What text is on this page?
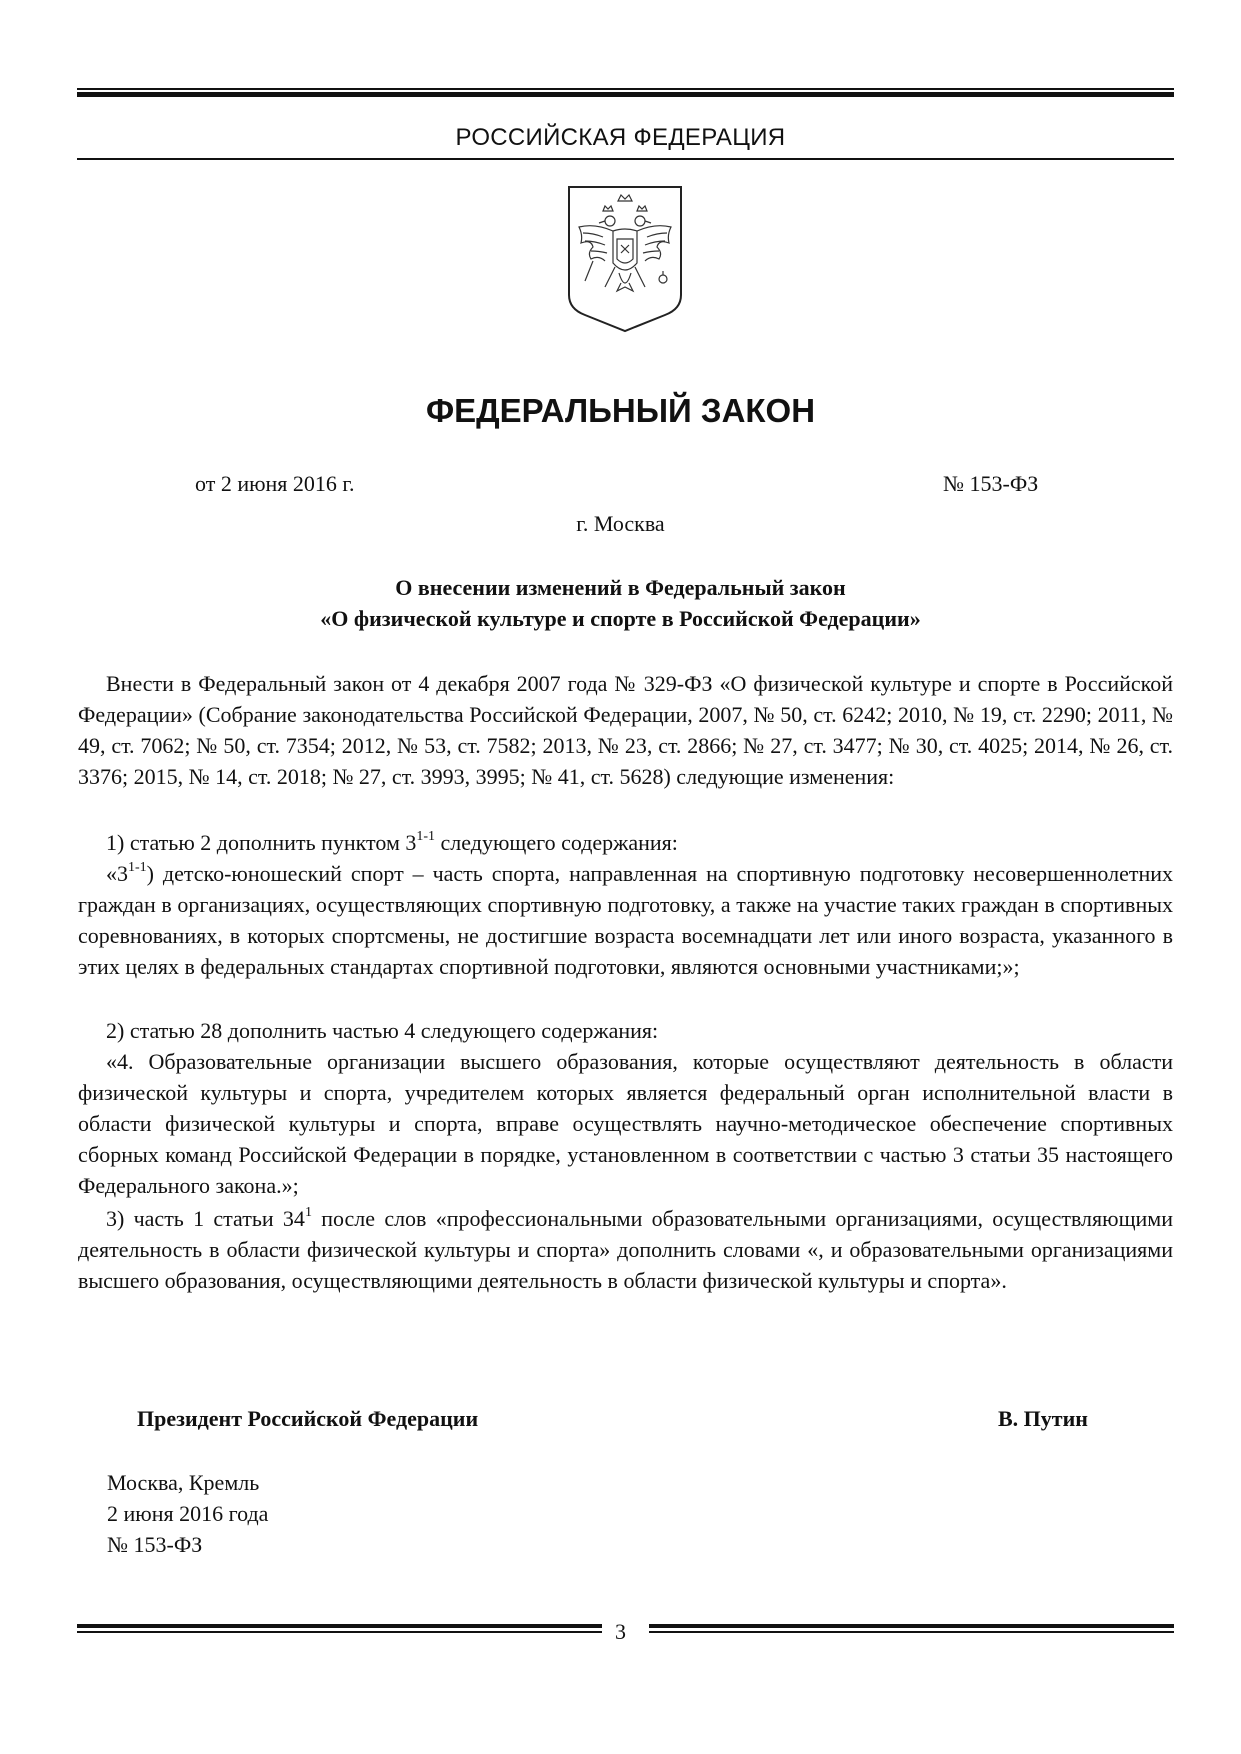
РОССИЙСКАЯ ФЕДЕРАЦИЯ
ФЕДЕРАЛЬНЫЙ ЗАКОН
от 2 июня 2016 г.	№ 153-ФЗ
г. Москва
О внесении изменений в Федеральный закон
«О физической культуре и спорте в Российской Федерации»

Внести в Федеральный закон от 4 декабря 2007 года № 329-ФЗ «О физической культуре и спорте в Российской Федерации» (Собрание законодательства Российской Федерации, 2007, № 50, ст. 6242; 2010, № 19, ст. 2290; 2011, № 49, ст. 7062; № 50, ст. 7354; 2012, № 53, ст. 7582; 2013, № 23, ст. 2866; № 27, ст. 3477; № 30, ст. 4025; 2014, № 26, ст. 3376; 2015, № 14, ст. 2018; № 27, ст. 3993, 3995; № 41, ст. 5628) следующие изменения:

1) статью 2 дополнить пунктом 3$^{1-1}$ следующего содержания:

«3$^{1-1}$) детско-юношеский спорт – часть спорта, направленная на спортивную подготовку несовершеннолетних граждан в организациях, осуществляющих спортивную подготовку, а также на участие таких граждан в спортивных соревнованиях, в которых спортсмены, не достигшие возраста восемнадцати лет или иного возраста, указанного в этих целях в федеральных стандартах спортивной подготовки, являются основными участниками;»;

2) статью 28 дополнить частью 4 следующего содержания:

«4. Образовательные организации высшего образования, которые осуществляют деятельность в области физической культуры и спорта, учредителем которых является федеральный орган исполнительной власти в области физической культуры и спорта, вправе осуществлять научно-методическое обеспечение спортивных сборных команд Российской Федерации в порядке, установленном в соответствии с частью 3 статьи 35 настоящего Федерального закона.»;

3) часть 1 статьи $34^1$ после слов «профессиональными образовательными организациями, осуществляющими деятельность в области физической культуры и спорта» дополнить словами «, и образовательными организациями высшего образования, осуществляющими деятельность в области физической культуры и спорта».

Президент Российской Федерации	В. Путин
Москва, Кремль
2 июня 2016 года
№ 153-ФЗ
3
